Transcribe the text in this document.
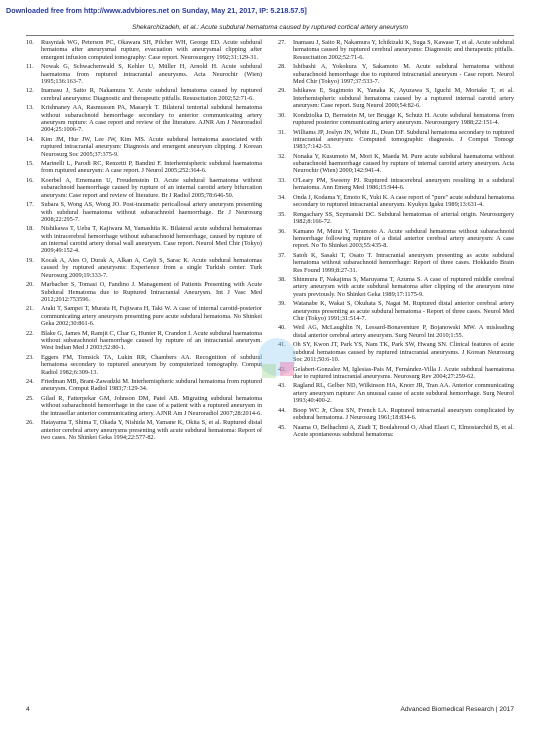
Downloaded free from http://www.advbiores.net on Sunday, May 21, 2017, IP: 5.218.57.5]
Shekarchizadeh, et al.: Acute subdural hematoma caused by ruptured cortical artery aneurysm
10.	Rusyniak WG, Peterson PC, Okawara SH, Pilcher WH, George ED. Acute subdural hematoma after aneurysmal rupture, evacuation with aneurysmal clipping after emergent infusion computed tomography: Case report. Neurosurgery 1992;31:129-31.
11.	Nowak G, Schwachenwald S, Kehler U, Müller H, Arnold H. Acute subdural haematoma from ruptured intracranial aneurysms. Acta Neurochir (Wien) 1995;136:163-7.
12.	Inamasu J, Saito R, Nakamura Y. Acute subdural hematoma caused by ruptured cerebral aneurysms: Diagnostic and therapeutic pitfalls. Resuscitation 2002;52:71-6.
13.	Krishnaney AA, Rasmussen PA, Masaryk T. Bilateral tentorial subdural hematoma without subarachnoid hemorrhage secondary to anterior communicating artery aneurysm rupture: A case report and review of the literature. AJNR Am J Neuroradiol 2004;25:1006-7.
14.	Kim JM, Hur JW, Lee JW, Kim MS. Acute subdural hematoma associated with ruptured intracranial aneurysm: Diagnosis and emergent aneurysm clipping. J Korean Neurosurg Soc 2005;37:375-9.
15.	Marinelli L, Parodi RC, Renzetti P, Bandini F. Interhemispheric subdural haematoma from ruptured aneurysm: A case report. J Neurol 2005;252:364-6.
16.	Koerbel A, Ernemann U, Freudenstein D. Acute subdural haematoma without subarachnoid haemorrhage caused by rupture of an internal carotid artery bifurcation aneurysm: Case report and review of literature. Br J Radiol 2005;78:646-50.
17.	Subara S, Wong AS, Wong JO. Post-traumatic pericallosal artery aneurysm presenting with subdural haematoma without subarachnoid haemorrhage. Br J Neurosurg 2008;22:295-7.
18.	Nishikawa T, Ueba T, Kajiwara M, Yamashita K. Bilateral acute subdural hematomas with intracerebral hemorrhage without subarachnoid hemorrhage, caused by rupture of an internal carotid artery dorsal wall aneurysm. Case report. Neurol Med Chir (Tokyo) 2009;49:152-4.
19.	Kocak A, Ates O, Durak A, Alkan A, Cayli S, Sarac K. Acute subdural hematomas caused by ruptured aneurysms: Experience from a single Turkish center. Turk Neurosurg 2009;19:333-7.
20.	Marbacher S, Tomasi O, Fandino J. Management of Patients Presenting with Acute Subdural Hematoma due to Ruptured Intracranial Aneurysm. Int J Vasc Med 2012;2012:753596.
21.	Araki T, Sampei T, Murata H, Fujiwara H, Taki W. A case of internal carotid-posterior communicating artery aneurysm presenting pure acute subdural hematoma. No Shinkei Geka 2002;30:861-6.
22.	Blake G, James M, Ramjit C, Char G, Hunter R, Crandon I. Acute subdural haematoma without subarachnoid haemorrhage caused by rupture of an intracranial aneurysm. West Indian Med J 2003;52:80-1.
23.	Eggers FM, Tomsick TA, Lukin RR, Chambers AA. Recognition of subdural hematoma secondary to ruptured aneurysm by computerized tomography. Comput Radiol 1982;6:309-13.
24.	Friedman MB, Brant-Zawadzki M. Interhemispheric subdural hematoma from ruptured aneurysm. Comput Radiol 1983;7:129-34.
25.	Gilad R, Fatterpekar GM, Johnson DM, Patel AB. Migrating subdural hematoma without subarachnoid hemorrhage in the case of a patient with a ruptured aneurysm in the intrasellar anterior communicating artery. AJNR Am J Neuroradiol 2007;28:2014-6.
26.	Hatayama T, Shima T, Okada Y, Nishida M, Yamane K, Okita S, et al. Ruptured distal anterior cerebral artery aneurysms presenting with acute subdural hematoma: Report of two cases. No Shinkei Geka 1994;22:577-82.
27.	Inamasu J, Saito R, Nakamura Y, Ichikizaki K, Suga S, Kawase T, et al. Acute subdural hematoma caused by ruptured cerebral aneurysms: Diagnostic and therapeutic pitfalls. Resuscitation 2002;52:71-6.
28.	Ishibashi A, Yokokura Y, Sakamoto M. Acute subdural hematoma without subarachnoid hemorrhage due to ruptured intracranial aneurysm - Case report. Neurol Med Chir (Tokyo) 1997;37:533-7.
29.	Ishikawa E, Sugimoto K, Yanaka K, Ayuzawa S, Iguchi M, Moriake T, et al. Interhemispheric subdural hematoma caused by a ruptured internal carotid artery aneurysm: Case report. Surg Neurol 2000;54:82-6.
30.	Kondziolka D, Bernstein M, ter Brugge K, Schutz H. Acute subdural hematoma from ruptured posterior communicating artery aneurysm. Neurosurgery 1988;22:151-4.
31.	Williams JP, Joslyn JN, White JL, Dean DF. Subdural hematoma secondary to ruptured intracranial aneurysm: Computed tomographic diagnosis. J Comput Tomogr 1983;7:142-53.
32.	Nonaka Y, Kusumoto M, Mori K, Maeda M. Pure acute subdural haematoma without subarachnoid haemorrhage caused by rupture of internal carotid artery aneurysm. Acta Neurochir (Wien) 2000;142:941-4.
33.	O'Leary PM, Sweeny PJ. Ruptured intracerebral aneurysm resulting in a subdural hematoma. Ann Emerg Med 1986;15:944-6.
34.	Onda J, Kodama Y, Emoto K, Yuki K. A case report of "pure" acute subdural hematoma secondary to ruptured intracranial aneurysm. Kyukyu Igaku 1989;13:631-4.
35.	Rengachary SS, Szymanski DC. Subdural hematomas of arterial origin. Neurosurgery 1982;8:166-72.
36.	Kamano M, Murai Y, Teramoto A. Acute subdural hematoma without subarachnoid hemorrhage following rupture of a distal anterior cerebral artery aneurysm: A case report. No To Shinkei 2003;55:435-8.
37.	Satoh K, Sasaki T, Osato T. Intracranial aneurysm presenting as acute subdural hematoma without subarachnoid hemorrhage: Report of three cases. Hokkaido Brain Res Found 1999;8:27-31.
38.	Shinmura F, Nakajima S, Maruyama T, Azuma S. A case of ruptured middle cerebral artery aneurysm with acute subdural hematoma after clipping of the aneurysm nine years previously. No Shinkei Geka 1989;17:1175-9.
39.	Watanabe K, Wakai S, Okuhata S, Nagai M. Ruptured distal anterior cerebral artery aneurysms presenting as acute subdural hematoma - Report of three cases. Neurol Med Chir (Tokyo) 1991;31:514-7.
40.	Weil AG, McLaughlin N, Lessard-Bonaventure P, Bojanowski MW. A misleading distal anterior cerebral artery aneurysm. Surg Neurol Int 2010;1:55.
41.	Oh SY, Kwon JT, Park YS, Nam TK, Park SW, Hwang SN. Clinical features of acute subdural hematomas caused by ruptured intracranial aneurysms. J Korean Neurosurg Soc 2011;50:6-10.
42.	Gelabert-Gonzalez M, Iglesias-Pais M, Fernández-Villa J. Acute subdural haematoma due to ruptured intracranial aneurysms. Neurosurg Rev 2004;27:259-62.
43.	Ragland RL, Gelber ND, Wilkinson HA, Knorr JR, Tran AA. Anterior communicating artery aneurysm rupture: An unusual cause of acute subdural hemorrhage. Surg Neurol 1993;40:400-2.
44.	Boop WC Jr, Chou SN, French LA. Ruptured intracranial aneurysm complicated by subdural hematoma. J Neurosurg 1961;18:834-6.
45.	Naama O, Belhachmi A, Ziadi T, Boulahroud O, Abad Elasri C, Elmostarchid B, et al. Acute spontaneous subdural hematoma:
4	Advanced Biomedical Research | 2017
